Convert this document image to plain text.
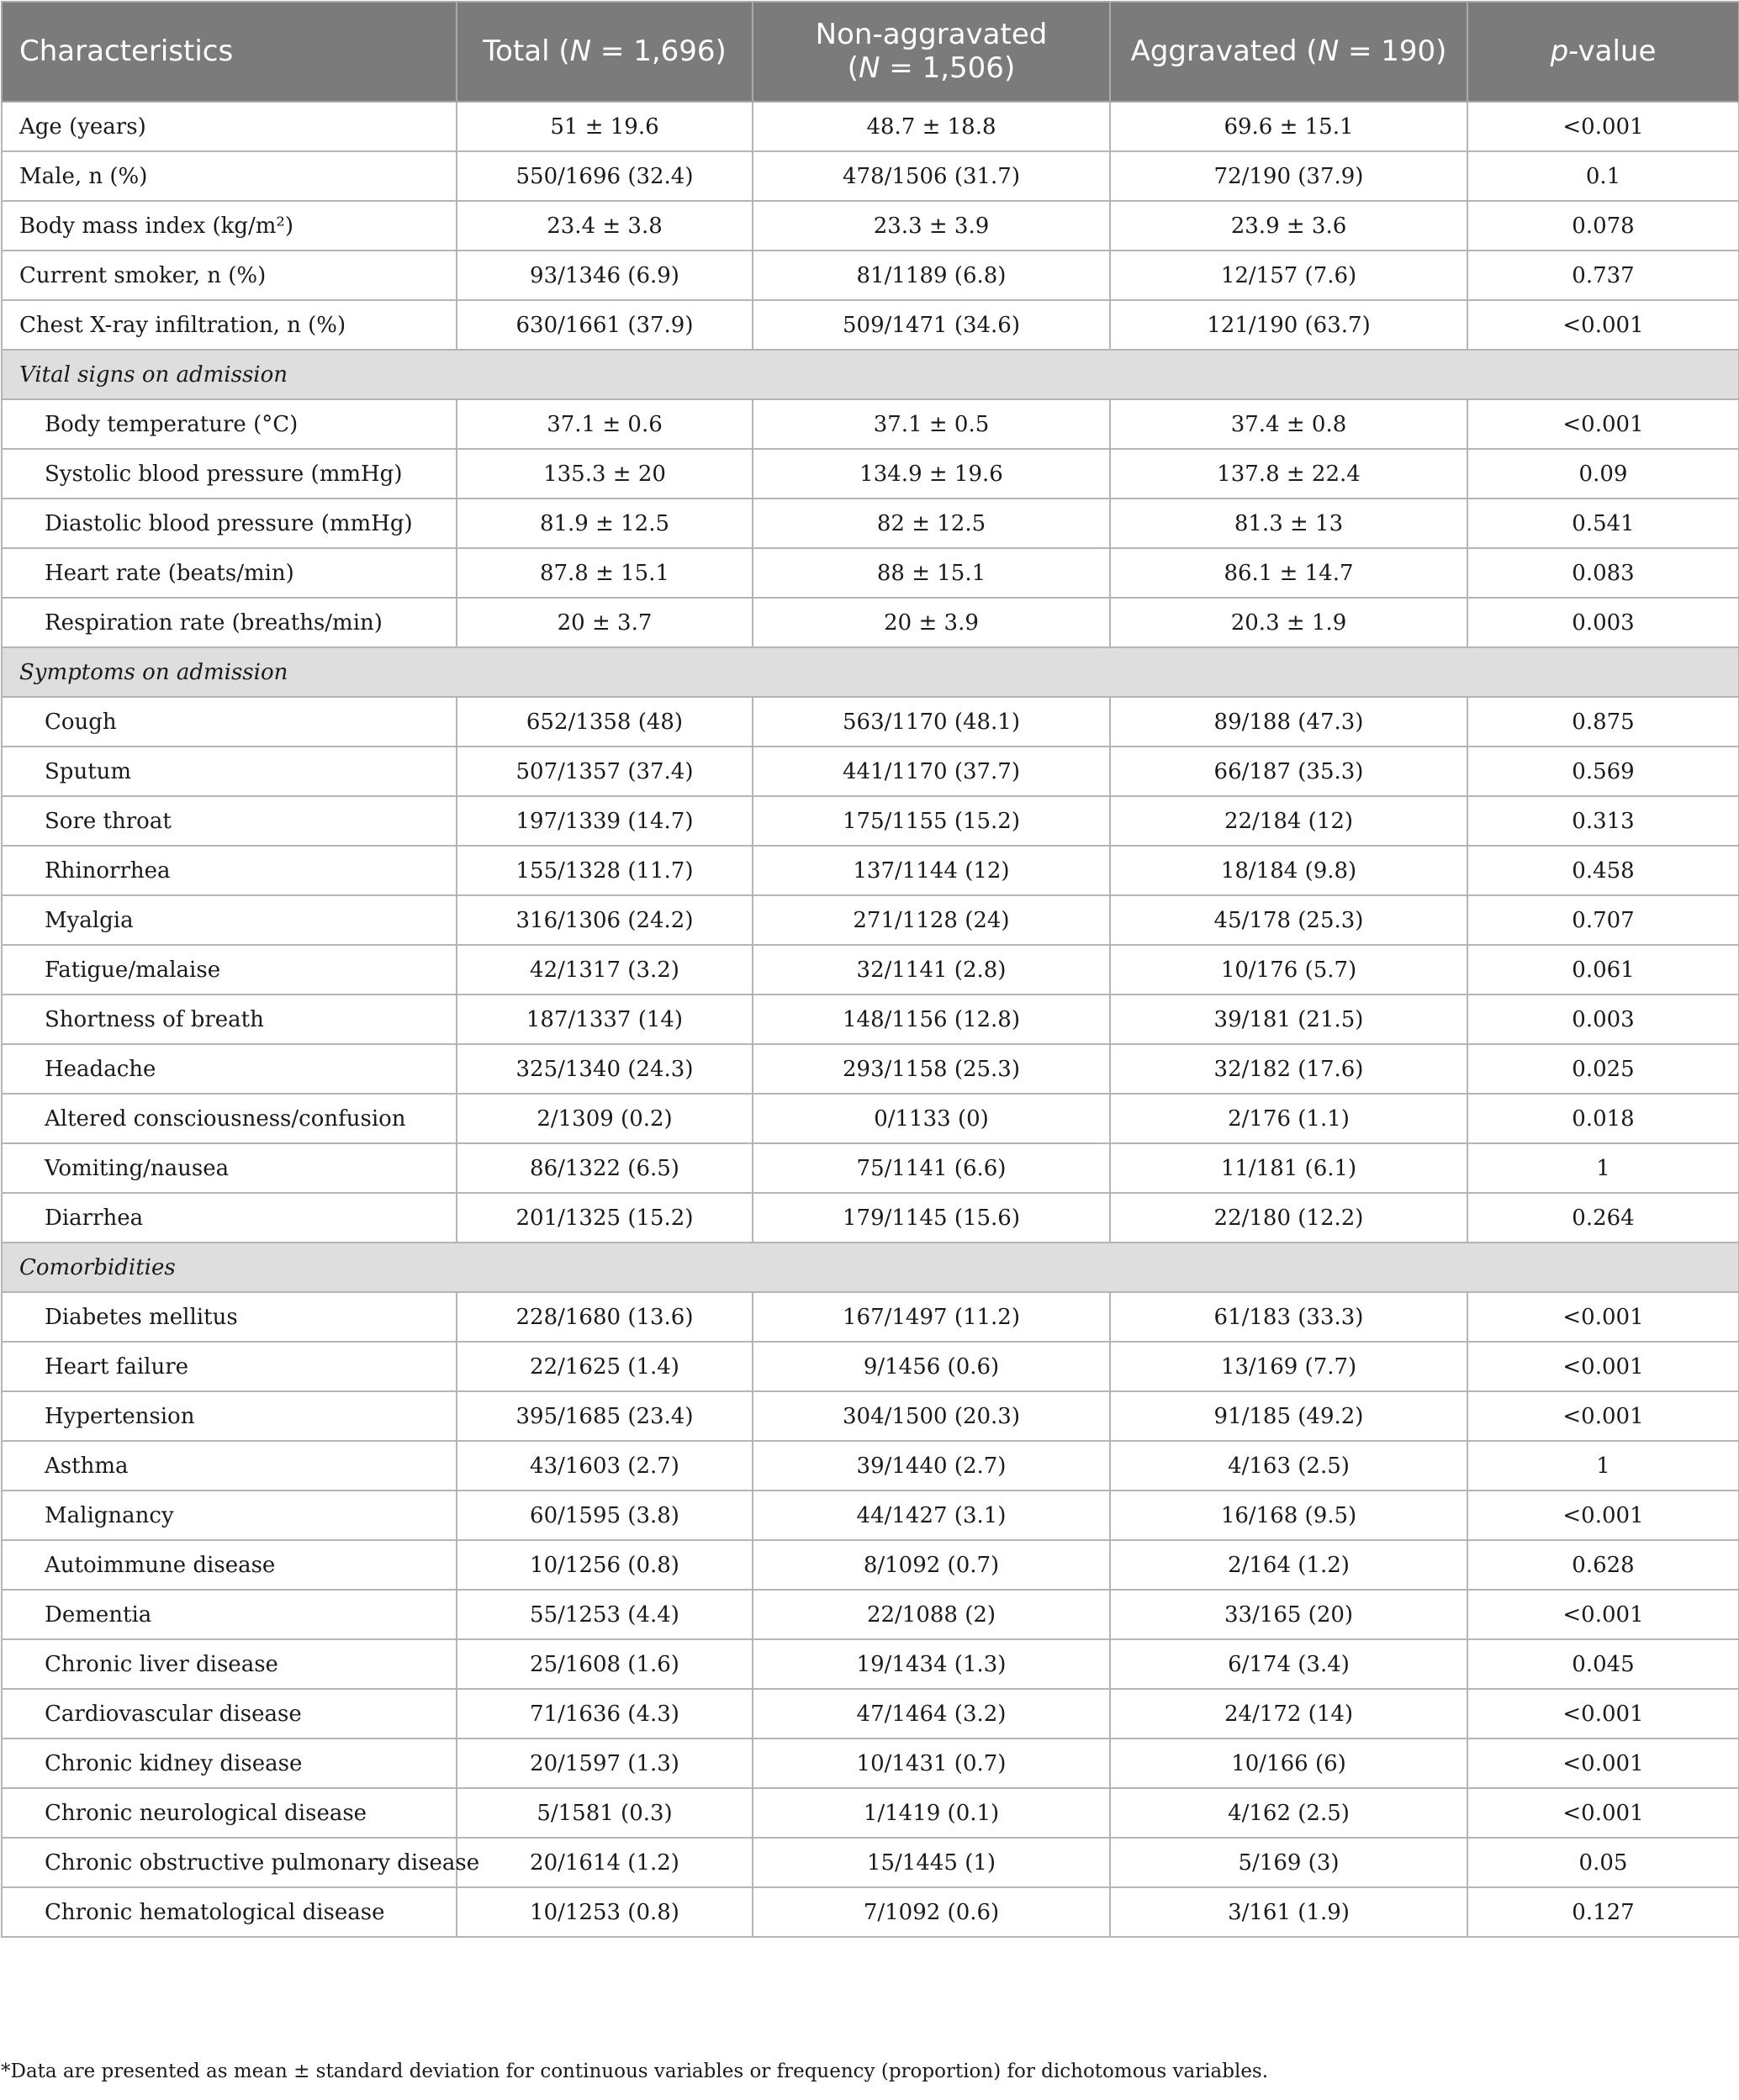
Characteristics	Total (N = 1,696)	Non-aggravated
(N = 1,506)	Aggravated (N = 190)	p-value
Age (years)	51 ± 19.6	48.7 ± 18.8	69.6 ± 15.1	<0.001
Male, n (%)	550/1696 (32.4)	478/1506 (31.7)	72/190 (37.9)	0.1
Body mass index (kg/m²)	23.4 ± 3.8	23.3 ± 3.9	23.9 ± 3.6	0.078
Current smoker, n (%)	93/1346 (6.9)	81/1189 (6.8)	12/157 (7.6)	0.737
Chest X-ray infiltration, n (%)	630/1661 (37.9)	509/1471 (34.6)	121/190 (63.7)	<0.001
Vital signs on admission				
Body temperature (°C)	37.1 ± 0.6	37.1 ± 0.5	37.4 ± 0.8	<0.001
Systolic blood pressure (mmHg)	135.3 ± 20	134.9 ± 19.6	137.8 ± 22.4	0.09
Diastolic blood pressure (mmHg)	81.9 ± 12.5	82 ± 12.5	81.3 ± 13	0.541
Heart rate (beats/min)	87.8 ± 15.1	88 ± 15.1	86.1 ± 14.7	0.083
Respiration rate (breaths/min)	20 ± 3.7	20 ± 3.9	20.3 ± 1.9	0.003
Symptoms on admission				
Cough	652/1358 (48)	563/1170 (48.1)	89/188 (47.3)	0.875
Sputum	507/1357 (37.4)	441/1170 (37.7)	66/187 (35.3)	0.569
Sore throat	197/1339 (14.7)	175/1155 (15.2)	22/184 (12)	0.313
Rhinorrhea	155/1328 (11.7)	137/1144 (12)	18/184 (9.8)	0.458
Myalgia	316/1306 (24.2)	271/1128 (24)	45/178 (25.3)	0.707
Fatigue/malaise	42/1317 (3.2)	32/1141 (2.8)	10/176 (5.7)	0.061
Shortness of breath	187/1337 (14)	148/1156 (12.8)	39/181 (21.5)	0.003
Headache	325/1340 (24.3)	293/1158 (25.3)	32/182 (17.6)	0.025
Altered consciousness/confusion	2/1309 (0.2)	0/1133 (0)	2/176 (1.1)	0.018
Vomiting/nausea	86/1322 (6.5)	75/1141 (6.6)	11/181 (6.1)	1
Diarrhea	201/1325 (15.2)	179/1145 (15.6)	22/180 (12.2)	0.264
Comorbidities				
Diabetes mellitus	228/1680 (13.6)	167/1497 (11.2)	61/183 (33.3)	<0.001
Heart failure	22/1625 (1.4)	9/1456 (0.6)	13/169 (7.7)	<0.001
Hypertension	395/1685 (23.4)	304/1500 (20.3)	91/185 (49.2)	<0.001
Asthma	43/1603 (2.7)	39/1440 (2.7)	4/163 (2.5)	1
Malignancy	60/1595 (3.8)	44/1427 (3.1)	16/168 (9.5)	<0.001
Autoimmune disease	10/1256 (0.8)	8/1092 (0.7)	2/164 (1.2)	0.628
Dementia	55/1253 (4.4)	22/1088 (2)	33/165 (20)	<0.001
Chronic liver disease	25/1608 (1.6)	19/1434 (1.3)	6/174 (3.4)	0.045
Cardiovascular disease	71/1636 (4.3)	47/1464 (3.2)	24/172 (14)	<0.001
Chronic kidney disease	20/1597 (1.3)	10/1431 (0.7)	10/166 (6)	<0.001
Chronic neurological disease	5/1581 (0.3)	1/1419 (0.1)	4/162 (2.5)	<0.001
Chronic obstructive pulmonary disease	20/1614 (1.2)	15/1445 (1)	5/169 (3)	0.05
Chronic hematological disease	10/1253 (0.8)	7/1092 (0.6)	3/161 (1.9)	0.127
*Data are presented as mean ± standard deviation for continuous variables or frequency (proportion) for dichotomous variables.
